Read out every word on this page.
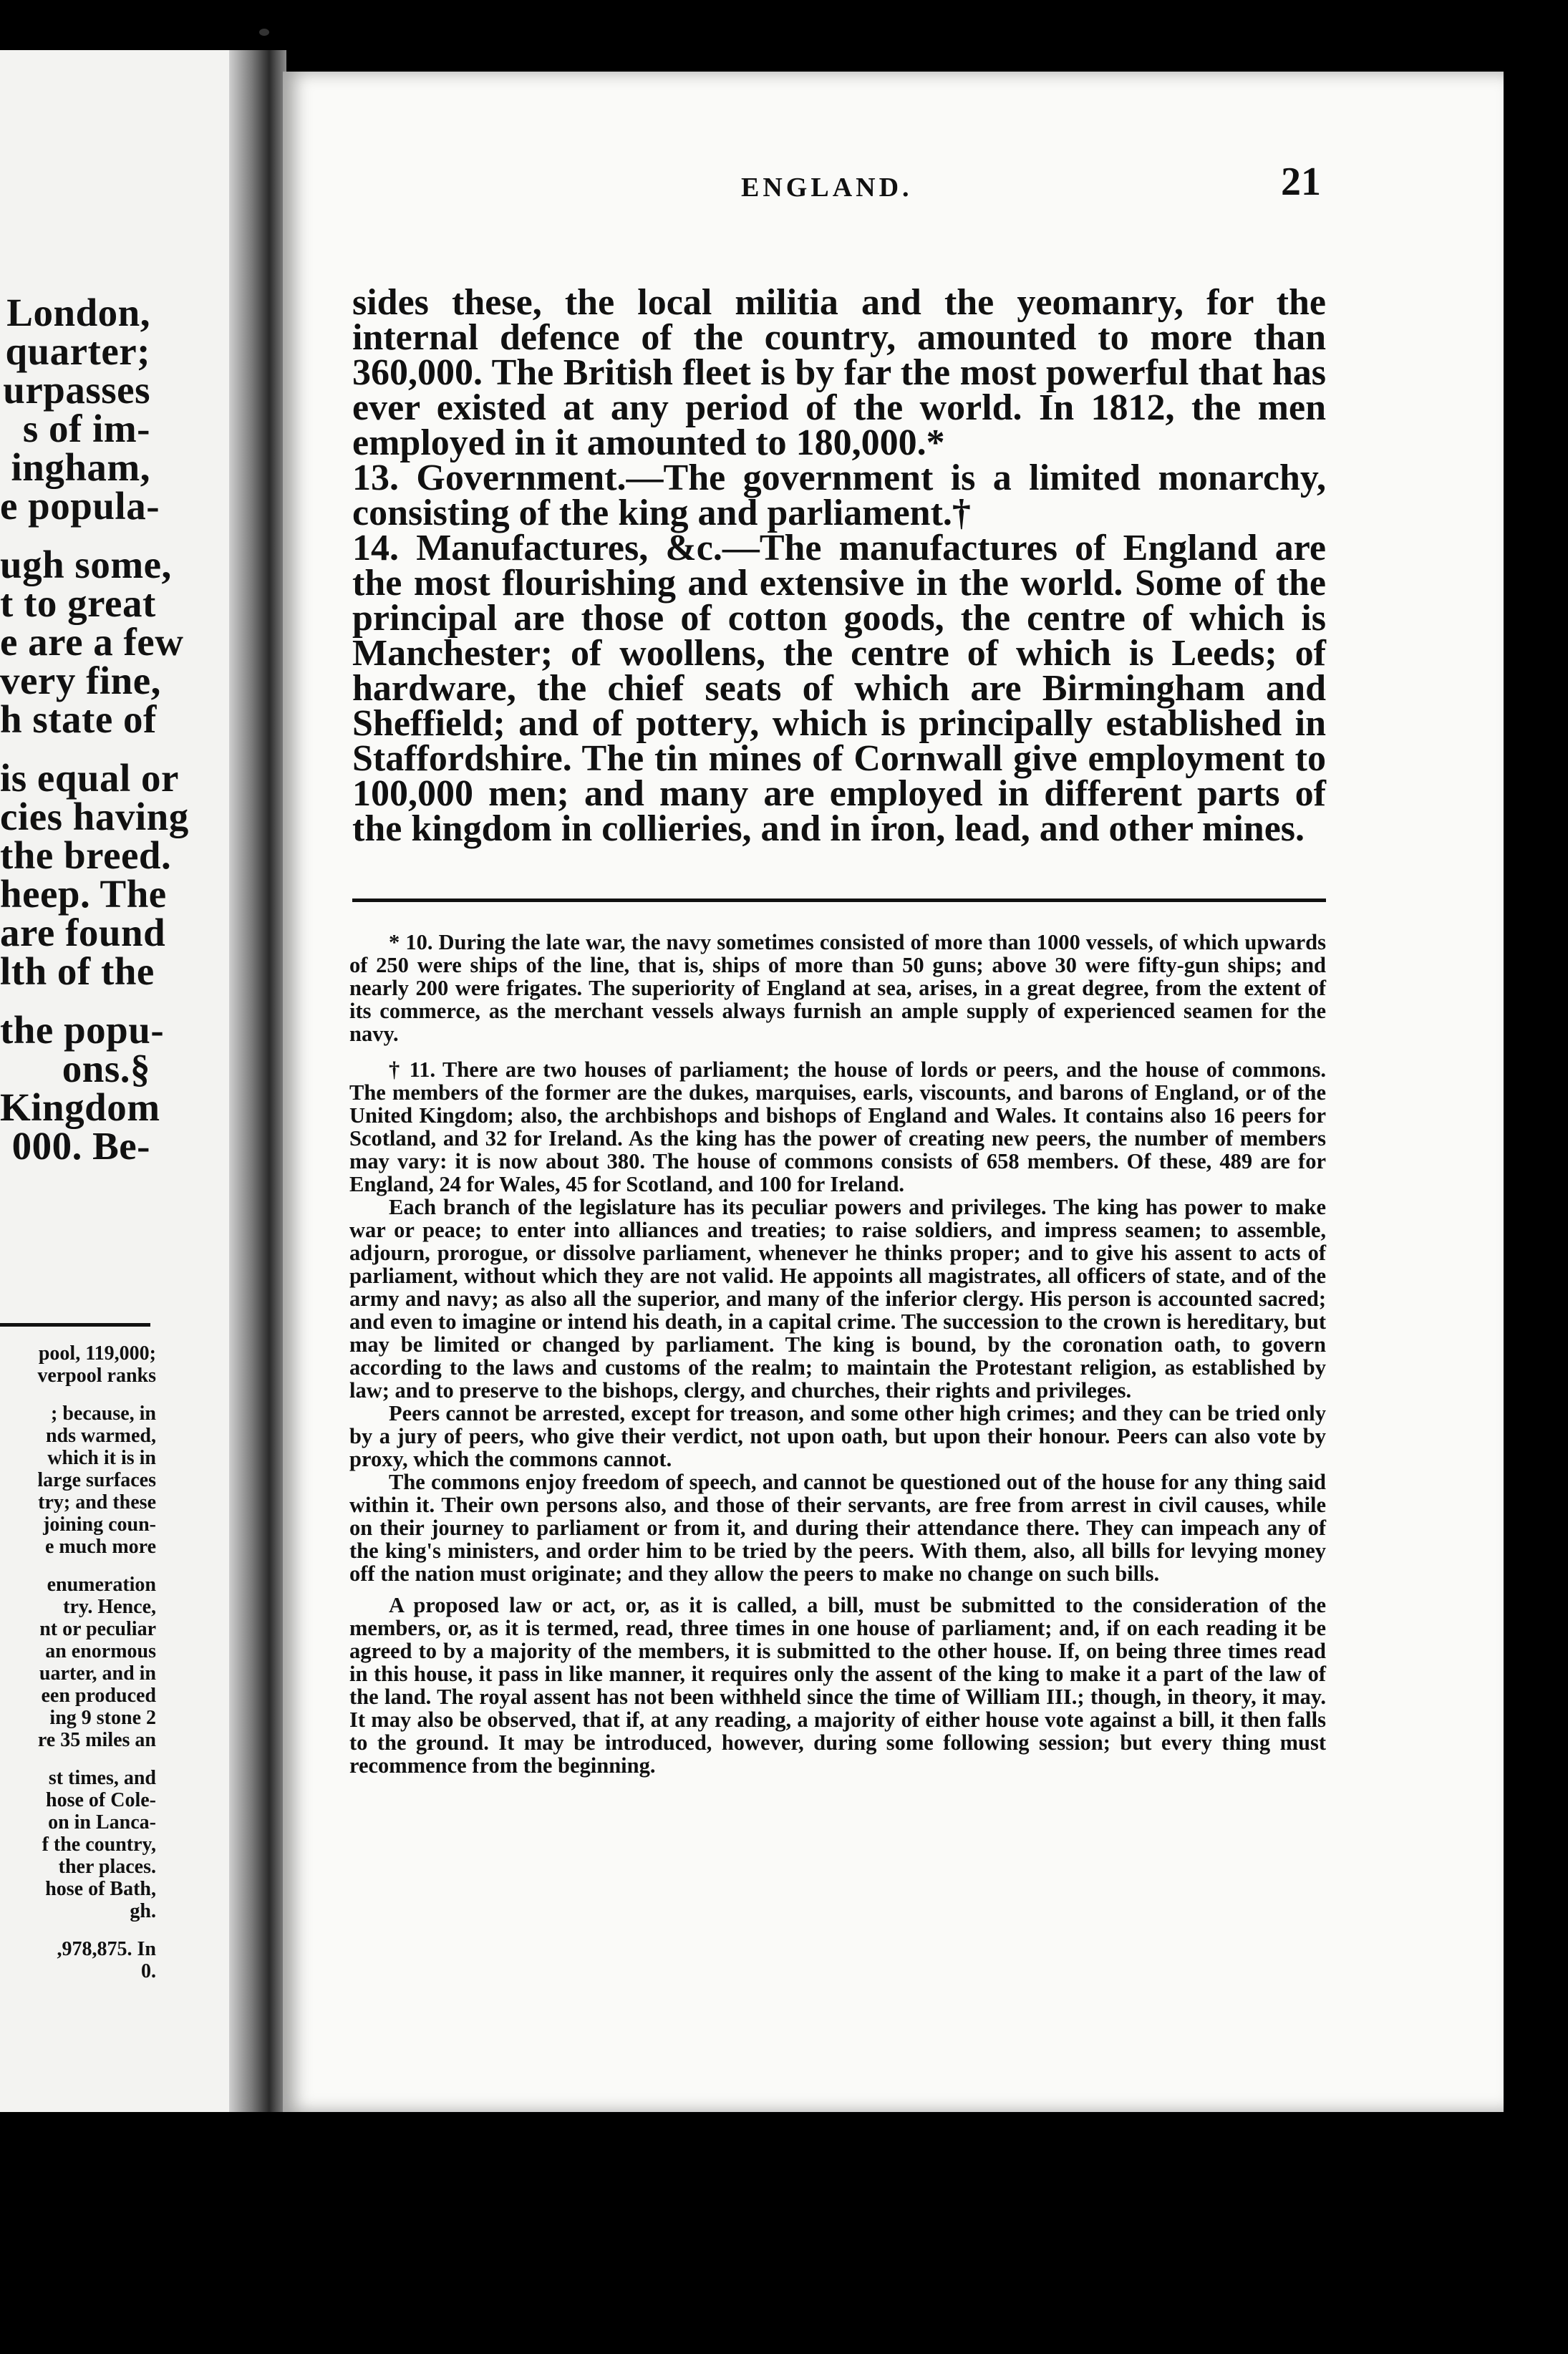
London,
quarter;
urpasses
s of im-
ingham,
e popula-
ugh some,
t to great
e are a few
very fine,
h state of
is equal or
cies having
the breed.
heep. The
are found
lth of the
the popu-
ons.§
Kingdom
000. Be-
pool, 119,000;
verpool ranks
; because, in
nds warmed,
which it is in
large surfaces
try; and these
joining coun-
e much more
enumeration
try. Hence,
nt or peculiar
an enormous
uarter, and in
een produced
ing 9 stone 2
re 35 miles an
st times, and
hose of Cole-
on in Lanca-
f the country,
ther places.
hose of Bath,
gh.
,978,875. In
0.
ENGLAND.	21

sides these, the local militia and the yeomanry, for the internal defence of the country, amounted to more than 360,000. The British fleet is by far the most powerful that has ever existed at any period of the world. In 1812, the men employed in it amounted to 180,000.*

13. Government.—The government is a limited monarchy, consisting of the king and parliament.†

14. Manufactures, &c.—The manufactures of England are the most flourishing and extensive in the world. Some of the principal are those of cotton goods, the centre of which is Manchester; of woollens, the centre of which is Leeds; of hardware, the chief seats of which are Birmingham and Sheffield; and of pottery, which is principally established in Staffordshire. The tin mines of Cornwall give employment to 100,000 men; and many are employed in different parts of the kingdom in collieries, and in iron, lead, and other mines.

* 10. During the late war, the navy sometimes consisted of more than 1000 vessels, of which upwards of 250 were ships of the line, that is, ships of more than 50 guns; above 30 were fifty-gun ships; and nearly 200 were frigates. The superiority of England at sea, arises, in a great degree, from the extent of its commerce, as the merchant vessels always furnish an ample supply of experienced seamen for the navy.

† 11. There are two houses of parliament; the house of lords or peers, and the house of commons. The members of the former are the dukes, marquises, earls, viscounts, and barons of England, or of the United Kingdom; also, the archbishops and bishops of England and Wales. It contains also 16 peers for Scotland, and 32 for Ireland. As the king has the power of creating new peers, the number of members may vary: it is now about 380. The house of commons consists of 658 members. Of these, 489 are for England, 24 for Wales, 45 for Scotland, and 100 for Ireland.

Each branch of the legislature has its peculiar powers and privileges. The king has power to make war or peace; to enter into alliances and treaties; to raise soldiers, and impress seamen; to assemble, adjourn, prorogue, or dissolve parliament, whenever he thinks proper; and to give his assent to acts of parliament, without which they are not valid. He appoints all magistrates, all officers of state, and of the army and navy; as also all the superior, and many of the inferior clergy. His person is accounted sacred; and even to imagine or intend his death, in a capital crime. The succession to the crown is hereditary, but may be limited or changed by parliament. The king is bound, by the coronation oath, to govern according to the laws and customs of the realm; to maintain the Protestant religion, as established by law; and to preserve to the bishops, clergy, and churches, their rights and privileges.

Peers cannot be arrested, except for treason, and some other high crimes; and they can be tried only by a jury of peers, who give their verdict, not upon oath, but upon their honour. Peers can also vote by proxy, which the commons cannot.

The commons enjoy freedom of speech, and cannot be questioned out of the house for any thing said within it. Their own persons also, and those of their servants, are free from arrest in civil causes, while on their journey to parliament or from it, and during their attendance there. They can impeach any of the king's ministers, and order him to be tried by the peers. With them, also, all bills for levying money off the nation must originate; and they allow the peers to make no change on such bills.

A proposed law or act, or, as it is called, a bill, must be submitted to the consideration of the members, or, as it is termed, read, three times in one house of parliament; and, if on each reading it be agreed to by a majority of the members, it is submitted to the other house. If, on being three times read in this house, it pass in like manner, it requires only the assent of the king to make it a part of the law of the land. The royal assent has not been withheld since the time of William III.; though, in theory, it may. It may also be observed, that if, at any reading, a majority of either house vote against a bill, it then falls to the ground. It may be introduced, however, during some following session; but every thing must recommence from the beginning.
